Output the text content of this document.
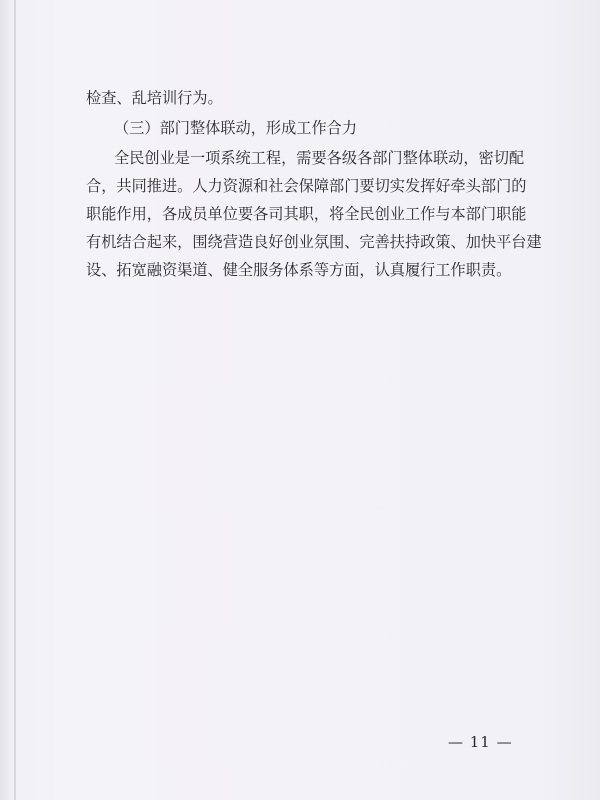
检查、乱培训行为。

（三）部门整体联动，形成工作合力

全民创业是一项系统工程，需要各级各部门整体联动，密切配

合，共同推进。人力资源和社会保障部门要切实发挥好牵头部门的

职能作用，各成员单位要各司其职，将全民创业工作与本部门职能

有机结合起来，围绕营造良好创业氛围、完善扶持政策、加快平台建

设、拓宽融资渠道、健全服务体系等方面，认真履行工作职责。

— 11 —
